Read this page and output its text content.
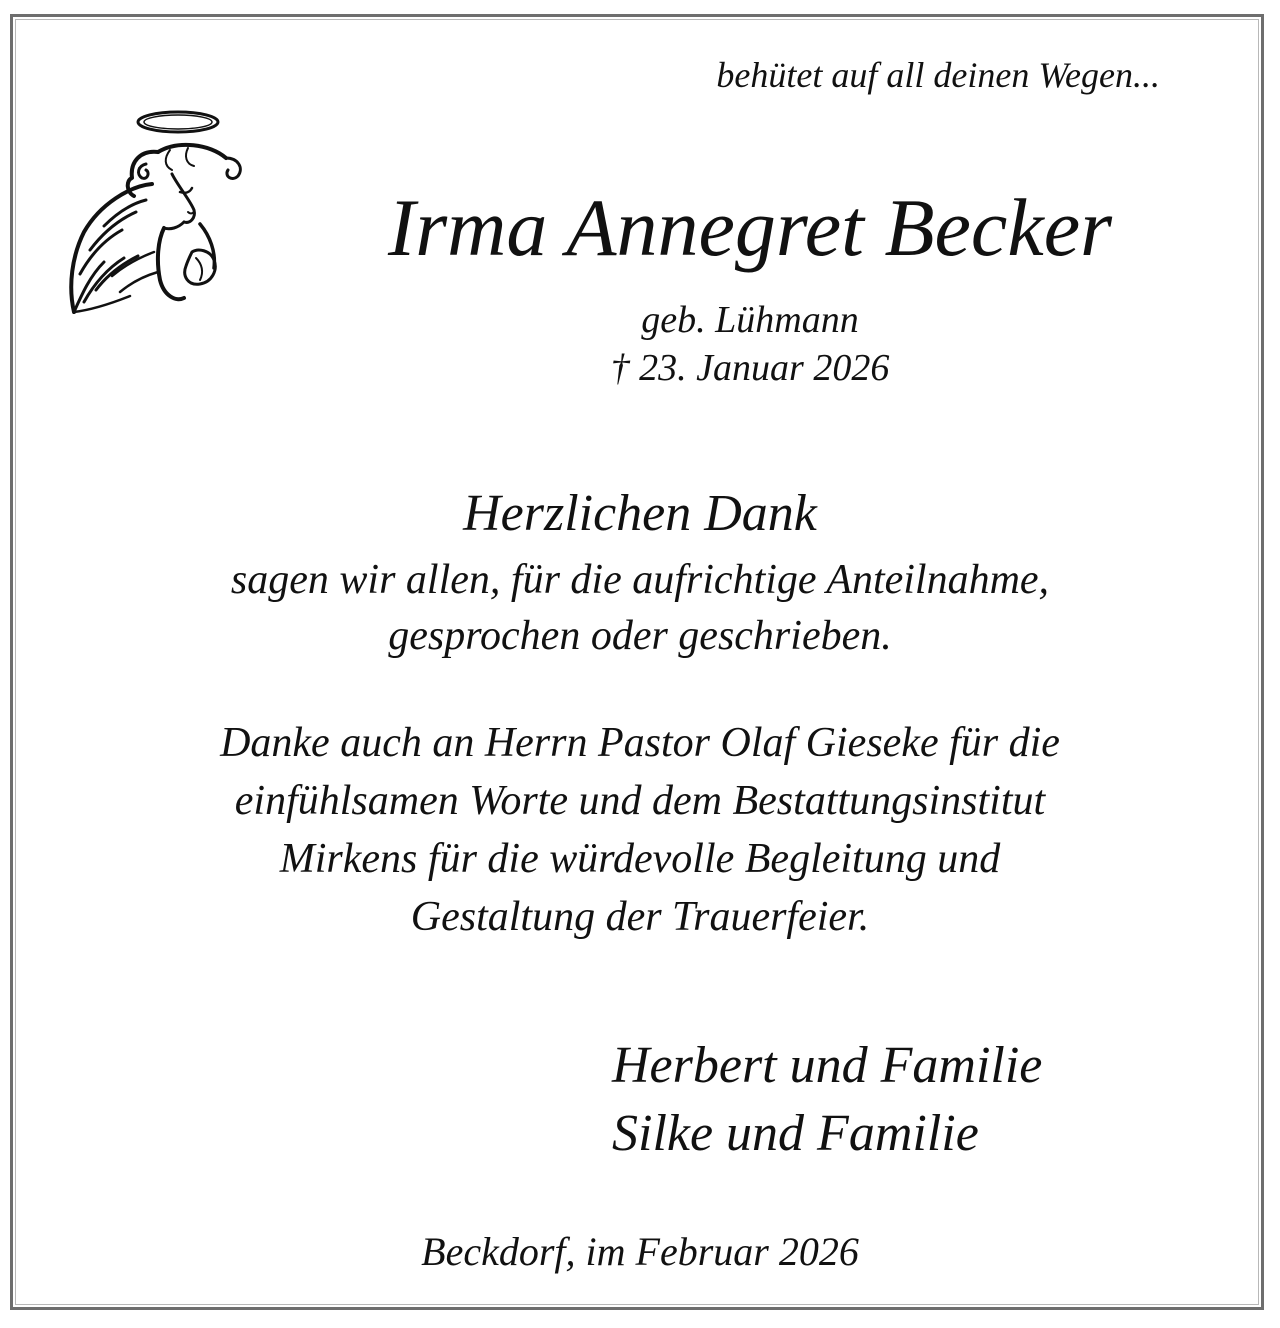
behütet auf all deinen Wegen...

Irma Annegret Becker

geb. Lühmann

† 23. Januar 2026

Herzlichen Dank

sagen wir allen, für die aufrichtige Anteilnahme,

gesprochen oder geschrieben.

Danke auch an Herrn Pastor Olaf Gieseke für die

einfühlsamen Worte und dem Bestattungsinstitut

Mirkens für die würdevolle Begleitung und

Gestaltung der Trauerfeier.

Herbert und Familie

Silke und Familie

Beckdorf, im Februar 2026
